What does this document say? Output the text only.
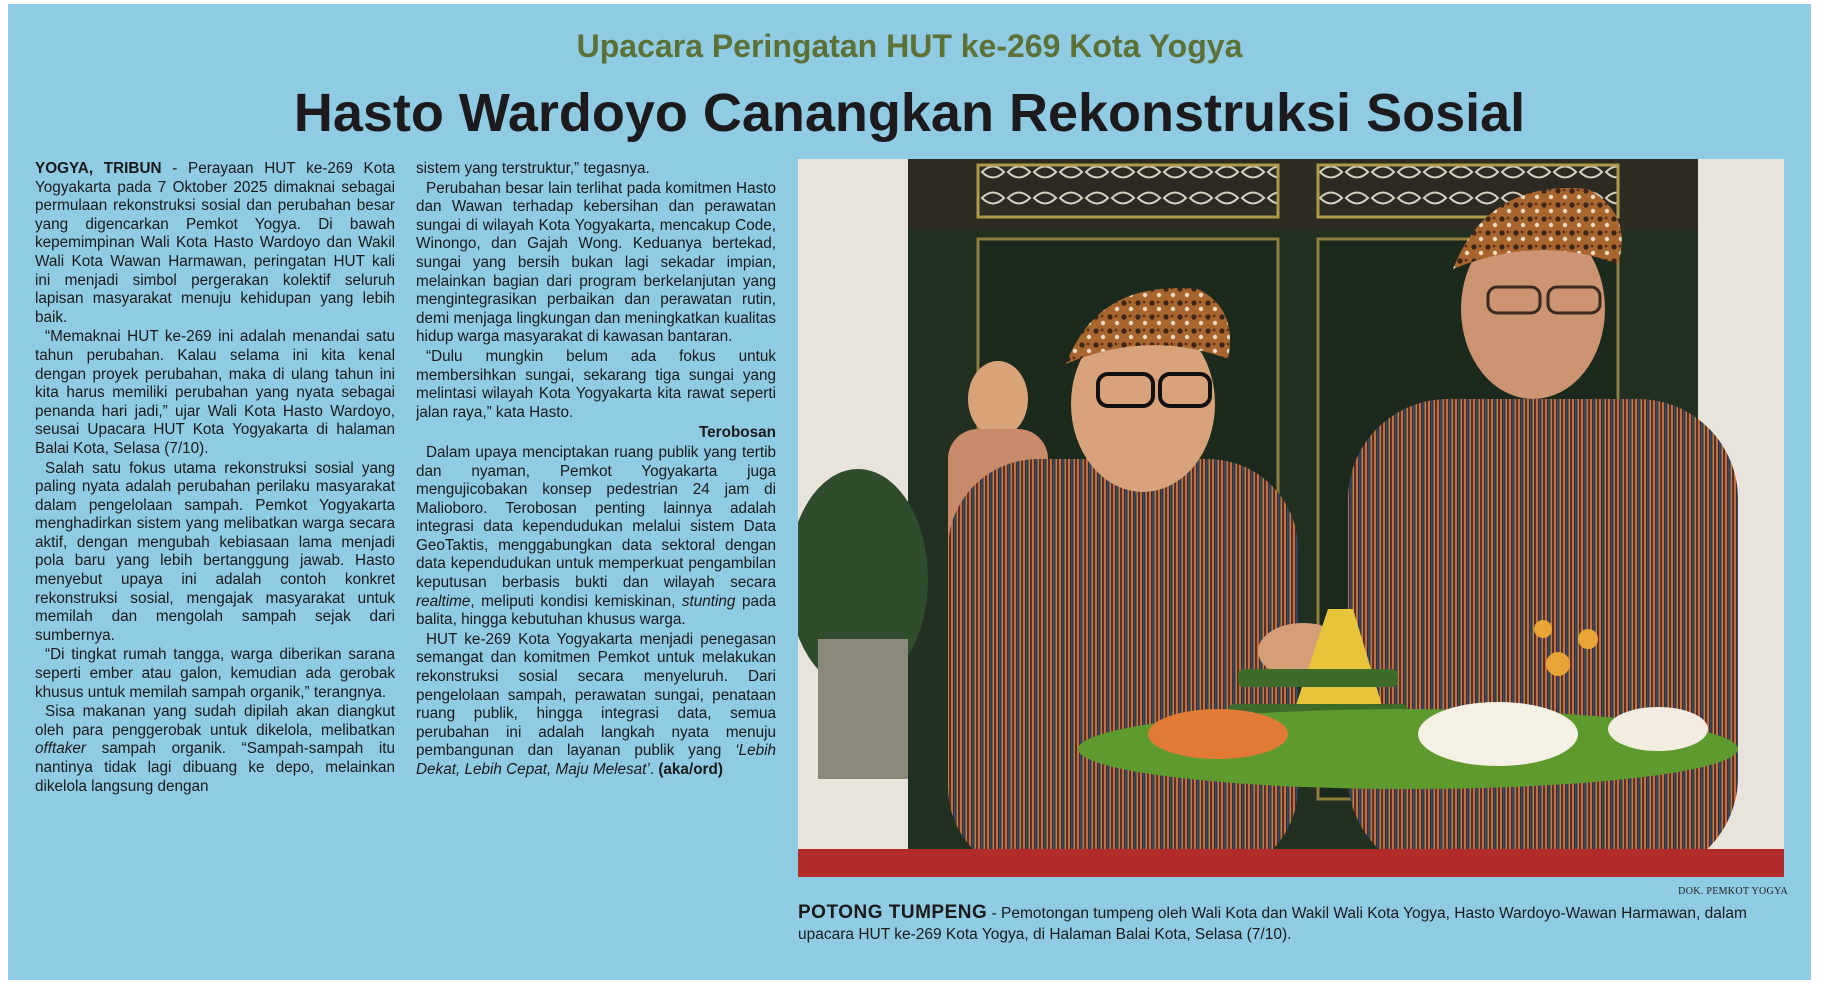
Upacara Peringatan HUT ke-269 Kota Yogya
Hasto Wardoyo Canangkan Rekonstruksi Sosial

YOGYA, TRIBUN - Perayaan HUT ke-269 Kota Yogyakarta pada 7 Oktober 2025 dimaknai sebagai permulaan rekonstruksi sosial dan perubahan besar yang digencarkan Pemkot Yogya. Di bawah kepemimpinan Wali Kota Hasto Wardoyo dan Wakil Wali Kota Wawan Harmawan, peringatan HUT kali ini menjadi simbol pergerakan kolektif seluruh lapisan masyarakat menuju kehidupan yang lebih baik.

“Memaknai HUT ke-269 ini adalah menandai satu tahun perubahan. Kalau selama ini kita kenal dengan proyek perubahan, maka di ulang tahun ini kita harus memiliki perubahan yang nyata sebagai penanda hari jadi,” ujar Wali Kota Hasto Wardoyo, seusai Upacara HUT Kota Yogyakarta di halaman Balai Kota, Selasa (7/10).

Salah satu fokus utama rekonstruksi sosial yang paling nyata adalah perubahan perilaku masyarakat dalam pengelolaan sampah. Pemkot Yogyakarta menghadirkan sistem yang melibatkan warga secara aktif, dengan mengubah kebiasaan lama menjadi pola baru yang lebih bertanggung jawab. Hasto menyebut upaya ini adalah contoh konkret rekonstruksi sosial, mengajak masyarakat untuk memilah dan mengolah sampah sejak dari sumbernya.

“Di tingkat rumah tangga, warga diberikan sarana seperti ember atau galon, kemudian ada gerobak khusus untuk memilah sampah organik,” terangnya.

Sisa makanan yang sudah dipilah akan diangkut oleh para penggerobak untuk dikelola, melibatkan offtaker sampah organik. “Sampah-sampah itu nantinya tidak lagi dibuang ke depo, melainkan dikelola langsung dengan

sistem yang terstruktur,” tegasnya.

Perubahan besar lain terlihat pada komitmen Hasto dan Wawan terhadap kebersihan dan perawatan sungai di wilayah Kota Yogyakarta, mencakup Code, Winongo, dan Gajah Wong. Keduanya bertekad, sungai yang bersih bukan lagi sekadar impian, melainkan bagian dari program berkelanjutan yang mengintegrasikan perbaikan dan perawatan rutin, demi menjaga lingkungan dan meningkatkan kualitas hidup warga masyarakat di kawasan bantaran.

“Dulu mungkin belum ada fokus untuk membersihkan sungai, sekarang tiga sungai yang melintasi wilayah Kota Yogyakarta kita rawat seperti jalan raya,” kata Hasto.

Terobosan

Dalam upaya menciptakan ruang publik yang tertib dan nyaman, Pemkot Yogyakarta juga mengujicobakan konsep pedestrian 24 jam di Malioboro. Terobosan penting lainnya adalah integrasi data kependudukan melalui sistem Data GeoTaktis, menggabungkan data sektoral dengan data kependudukan untuk memperkuat pengambilan keputusan berbasis bukti dan wilayah secara realtime, meliputi kondisi kemiskinan, stunting pada balita, hingga kebutuhan khusus warga.

HUT ke-269 Kota Yogyakarta menjadi penegasan semangat dan komitmen Pemkot untuk melakukan rekonstruksi sosial secara menyeluruh. Dari pengelolaan sampah, perawatan sungai, penataan ruang publik, hingga integrasi data, semua perubahan ini adalah langkah nyata menuju pembangunan dan layanan publik yang ‘Lebih Dekat, Lebih Cepat, Maju Melesat’. (aka/ord)

DOK. PEMKOT YOGYA
POTONG TUMPENG - Pemotongan tumpeng oleh Wali Kota dan Wakil Wali Kota Yogya, Hasto Wardoyo-Wawan Harmawan, dalam upacara HUT ke-269 Kota Yogya, di Halaman Balai Kota, Selasa (7/10).
